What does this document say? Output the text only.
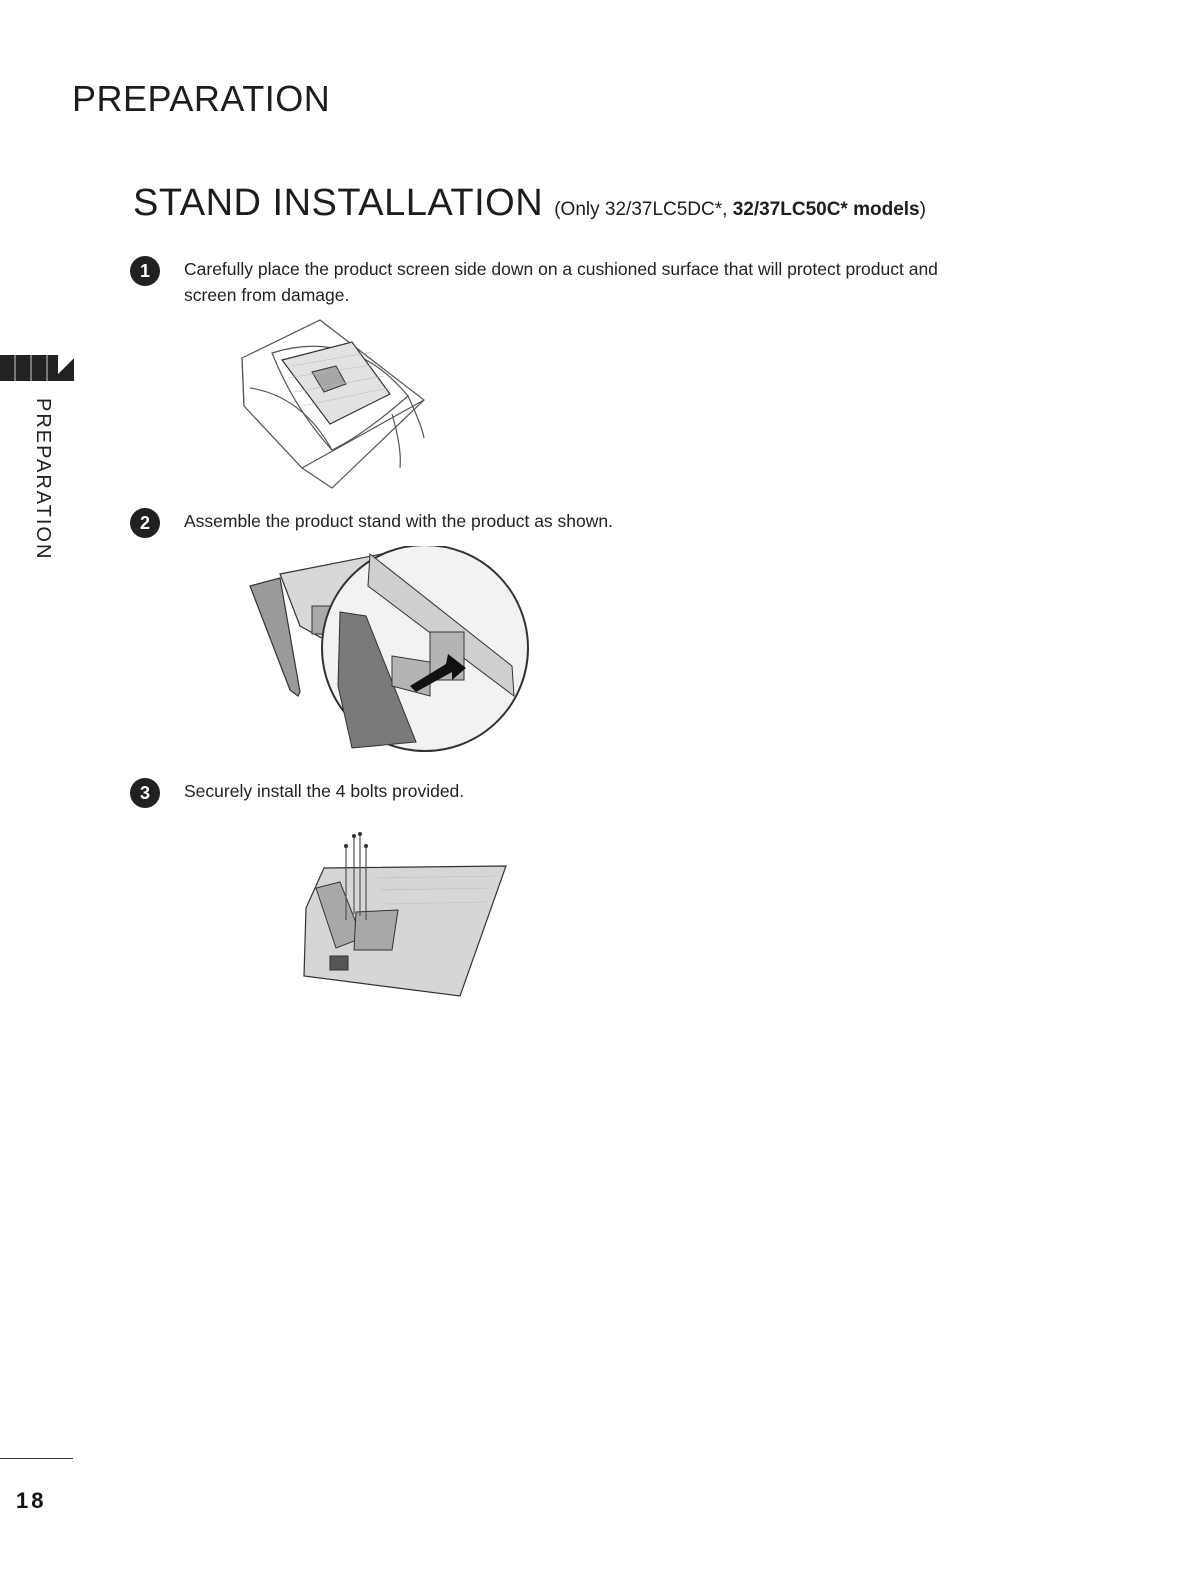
PREPARATION
PREPARATION
STAND INSTALLATION (Only 32/37LC5DC*, 32/37LC50C* models)
1	Carefully place the product screen side down on a cushioned surface that will protect product and screen from damage.

2	Assemble the product stand with the product as shown.

3	Securely install the 4 bolts provided.

18
